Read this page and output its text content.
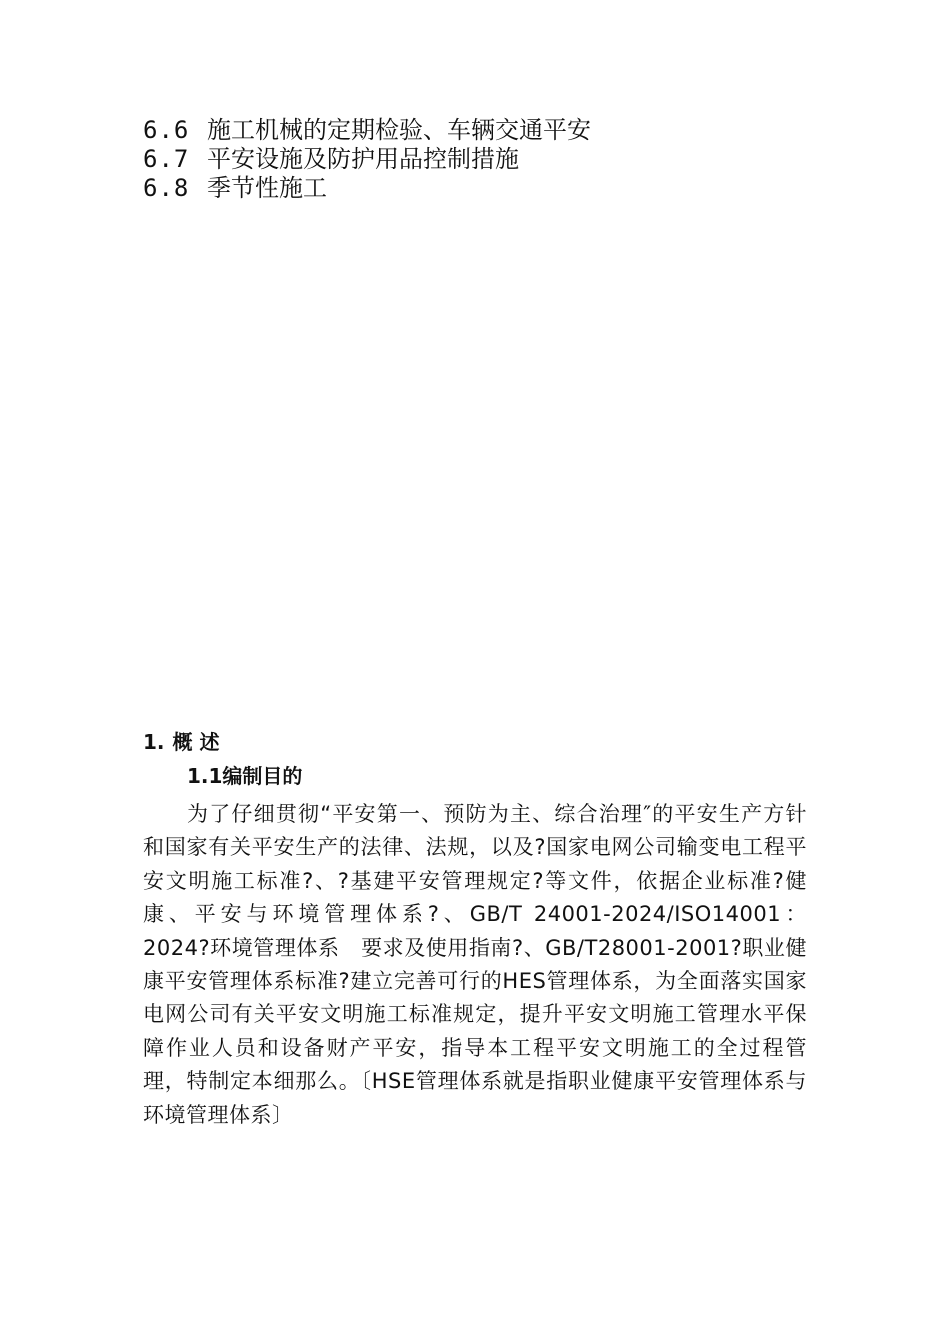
6.6 施工机械的定期检验、车辆交通平安
6.7 平安设施及防护用品控制措施
6.8 季节性施工
1. 概 述
1.1编制目的
为了仔细贯彻“平安第一、预防为主、综合治理″的平安生产方针和国家有关平安生产的法律、法规，以及?国家电网公司输变电工程平安文明施工标准?、?基建平安管理规定?等文件，依据企业标准?健康、平安与环境管理体系?、GB/T 24001-2024/ISO14001：2024?环境管理体系　要求及使用指南?、GB/T28001-2001?职业健康平安管理体系标准?建立完善可行的HES管理体系，为全面落实国家电网公司有关平安文明施工标准规定，提升平安文明施工管理水平保障作业人员和设备财产平安，指导本工程平安文明施工的全过程管理，特制定本细那么。〔HSE管理体系就是指职业健康平安管理体系与环境管理体系〕
